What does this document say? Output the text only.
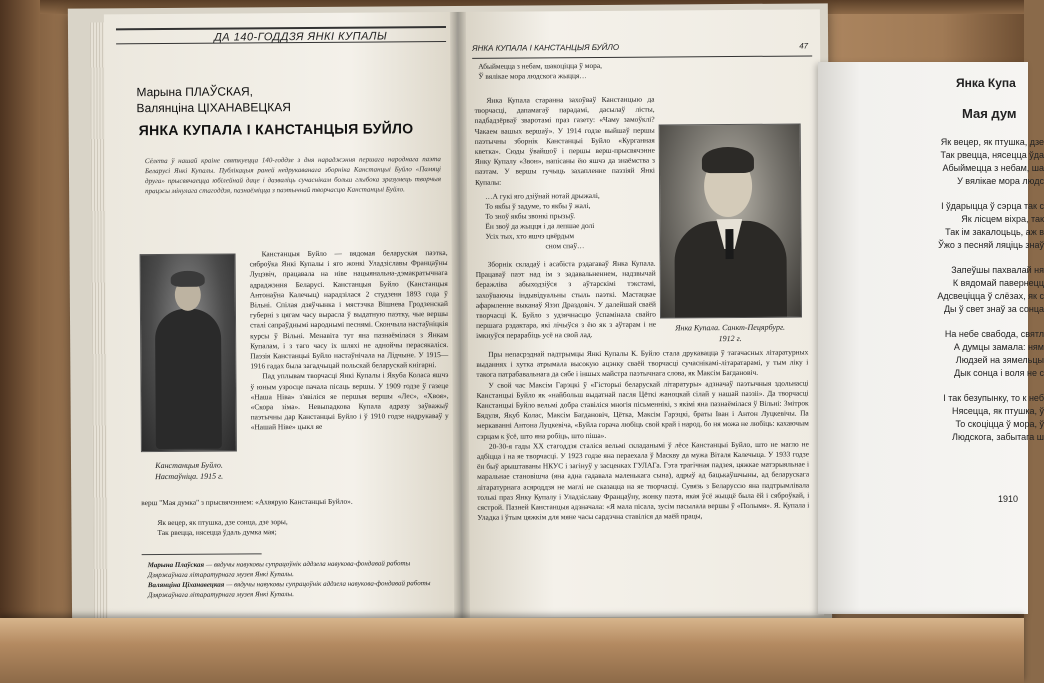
ДА 140-ГОДДЗЯ ЯНКІ КУПАЛЫ
Марына ПЛАЎСКАЯ,
Валянціна ЦІХАНАВЕЦКАЯ
ЯНКА КУПАЛА І КАНСТАНЦЫЯ БУЙЛО
Сёлета ў нашай краіне святкуецца 140-годдзе з дня нараджэння першага народнага паэта Беларусі Янкі Купалы. Публікацыя раней недрукаванага зборніка Канстанцыі Буйло «Памяці друга» прысвячаецца юбілейнай даце і дазваліць сучаснікам больш глыбока зразумець творчыя працэсы мінулага стагоддзя, пазнаёміцца з паэтычнай творчасцю Канстанцыі Буйло.
Канстанцыя Буйло.
Настаўніца. 1915 г.

Канстанцыя Буйло — вядомая беларуская паэтка, сяброўка Янкі Купалы і яго жонкі Уладзіславы Францаўны Луцэвіч, працавала на ніве нацыянальна-дэмакратычнага адраджэння Беларусі. Канстанцыя Буйло (Канстанцыя Антонаўна Калечыц) нарадзілася 2 студзеня 1893 года ў Вільні. Спілая дзяўчынка і мястэчка Вішнева Гродзенскай губерні з цягам часу вырасла ў выдатную паэтку, чые вершы сталі сапраўднымі народнымі песнямі. Скончыла настаўніцкія курсы ў Вільні. Менавіта тут яна пазнаёмілася з Янкам Купалам, і з таго часу іх шляхі не аднойчы перасякаліся. Паэзія Канстанцыі Буйло настаўнічала на Лідчыне. У 1915—1916 гадах была загадчыцай польскай беларускай кнігарні.

Пад уплывам творчасці Янкі Купалы і Якуба Коласа яшчэ ў юным узросце пачала пісаць вершы. У 1909 годзе ў газеце «Наша Ніва» з'явіліся яе першыя вершы «Лес», «Хвоя», «Скора зіма». Невыпадкова Купала адразу заўважыў паэтычны дар Канстанцыі Буйло і ў 1910 годзе надрукаваў у «Нашай Ніве» цыкл яе

верш "Мая думка" з прысвячэннем: «Ахвярую Канстанцыі Буйло».
Як вецер, як птушка, дзе сонца, дзе зоры,
Так рвецца, нясецца ўдаль думка мая;
Марына Плаўская — вядучы навуковы супрацоўнік аддзела навукова-фондавай работы Дзяржаўнага літаратурнага музея Янкі Купалы.
Валянціна Ціханавецкая — вядучы навуковы супрацоўнік аддзела навукова-фондавай работы Дзяржаўнага літаратурнага музея Янкі Купалы.
ЯНКА КУПАЛА І КАНСТАНЦЫЯ БУЙЛО	47
Абыймецца з небам, шакоціцца ў мора,
Ў вялікае мора людскога жыцця…

Янка Купала старанна захоўваў Канстанцыю да творчасці, дапамагаў парадамі, дасылаў лісты, падбадзёрваў зваротамі праз газету: «Чаму замоўклі? Чакаем вашых вершаў». У 1914 годзе выйшаў першы паэтычны зборнік Канстанцыі Буйло «Курганная кветка». Сюды ўвайшоў і першы верш-прысвячэнне Янку Купалу «Звон», напісаны ёю яшчэ да знаёмства з паэтам. У вершы гучыць захапленне паэзіяй Янкі Купалы:

…А гукі яго дзіўнай нотай дрыжалі,
То якбы ў задуме, то якбы ў жалі,
То зноў якбы звонкі прызыў.
Ён звоў да жыцця і да лепшае долі
Усіх тых, хто яшчэ цвёрдым
сном спаў…

Зборнік складаў і асабіста рэдагаваў Янка Купала. Працаваў паэт над ім з задавальненнем, надзвычай беражліва абыходзіўся з аўтарскімі тэкстамі, захоўваючы індывідуальны стыль паэткі. Мастацкае афармленне выканаў Язэп Драздовіч. У далейшай сваёй творчасці К. Буйло з удзячнасцю ўспамінала свайго першага рэдактара, які лічыўся з ёю як з аўтарам і не імкнуўся перарабіць усё на свой лад.

Янка Купала. Санкт-Пецярбург.
1912 г.

Пры непасрэднай падтрымцы Янкі Купалы К. Буйло стала друкавацца ў тагачасных літаратурных выданнях і хутка атрымала высокую ацэнку сваёй творчасці сучаснікамі-літаратарамі, у тым ліку і такога патрабавальнага да сябе і іншых майстра паэтычнага слова, як Максім Багдановіч.

У свой час Максім Гарэцкі ў «Гісторыі беларускай літаратуры» адзначаў паэтычныя здольнасці Канстанцыі Буйло як «найбольш выдатнай пасля Цёткі жаноцкай сілай у нашай паэзіі». Да творчасці Канстанцыі Буйло вельмі добра ставіліся многія пісьменнікі, з якімі яна пазнаёмілася ў Вільні: Змітрок Бядуля, Якуб Колас, Максім Багдановіч, Цётка, Максім Гарэцкі, браты Іван і Антон Луцкевічы. Па меркаванні Антона Луцкевіча, «Буйла горача любіць свой край і народ, бо ня можа не любіць: кахаючым сэрцам к ўсё, што яна робіць, што піша».

20-30-я гады XX стагоддзя сталіся вельмі складанымі ў лёсе Канстанцыі Буйло, што не магло не адбіцца і на яе творчасці. У 1923 годзе яна пераехала ў Маскву да мужа Віталя Калечыца. У 1933 годзе ён быў арыштаваны НКУС і загінуў у засценках ГУЛАГа. Гэта трагічная падзея, цяжкае матэрыяльнае і маральнае становішча (яна адна гадавала маленькага сына), адрыў ад бацькаўшчыны, ад беларускага літаратурнага асяроддзя не маглі не сказацца на яе творчасці. Сувязь з Беларуссю яна падтрымлівала толькі праз Янку Купалу і Уладзіславу Францаўну, жонку паэта, якая ўсё жыццё была ёй і сяброўкай, і сястрой. Пазней Канстанцыя адзначала: «Я мала пісала, зусім пасылала вершы ў «Полымя». Я. Купала і Уладка і ўтым цяжкім для мяне часы сардэчна ставіліся да маёй працы,

Янка Купа
Мая дум
Як вецер, як птушка, дзе
Так рвецца, нясецца ўда
Абыймецца з небам, ша
У вялікае мора людс
І ўдарыцца ў сэрца так с
Як лісцем віхра, так
Так ім закалоцьць, аж в
Ўжо з песняй ляціць знаў
Запеўшы пахвалай ня
К вядомай павернецц
Адсвеціцца ў слёзах, як с
Ды ў свет знаў за сонца
На небе свабода, святл
А думцы замала: ням
Людзей на зямельцы
Дык сонца і воля не с
І так безупынку, то к неб
Нясецца, як птушка, ў
То скоціцца ў мора, ў
Людскога, забытага ш
1910
